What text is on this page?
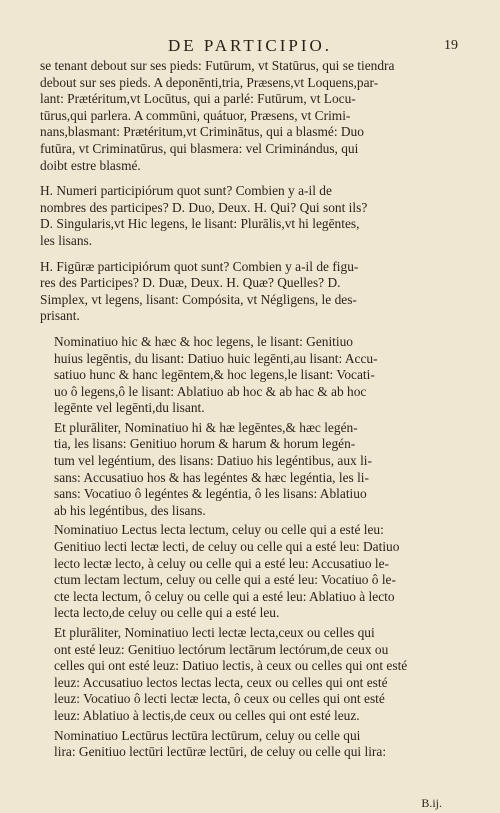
DE PARTICIPIO.	19
se tenant debout sur ses pieds: Futūrum, vt Statūrus, qui se tiendra
debout sur ses pieds. A deponēnti,tria, Præsens,vt Loquens,par-
lant: Prætéritum,vt Locūtus, qui a parlé: Futūrum, vt Locu-
tūrus,qui parlera. A commūni, quátuor, Præsens, vt Crimi-
nans,blasmant: Prætéritum,vt Criminātus, qui a blasmé: Duo
futūra, vt Criminatūrus, qui blasmera: vel Criminándus, qui
doibt estre blasmé.
H. Numeri participiórum quot sunt? Combien y a-il de
nombres des participes? D. Duo, Deux. H. Qui? Qui sont ils?
D. Singularis,vt Hic legens, le lisant: Plurālis,vt hi legēntes,
les lisans.
H. Figūræ participiórum quot sunt? Combien y a-il de figu-
res des Participes? D. Duæ, Deux. H. Quæ? Quelles? D.
Simplex, vt legens, lisant: Compósita, vt Négligens, le des-
prisant.
Nominatiuo hic & hæc & hoc legens, le lisant: Genitiuo
huius legēntis, du lisant: Datiuo huic legēnti,au lisant: Accu-
satiuo hunc & hanc legēntem,& hoc legens,le lisant: Vocati-
uo ô legens,ô le lisant: Ablatiuo ab hoc & ab hac & ab hoc
legēnte vel legēnti,du lisant.
Et plurāliter, Nominatiuo hi & hæ legēntes,& hæc legén-
tia, les lisans: Genitiuo horum & harum & horum legén-
tum vel legéntium, des lisans: Datiuo his legéntibus, aux li-
sans: Accusatiuo hos & has legéntes & hæc legéntia, les li-
sans: Vocatiuo ô legéntes & legéntia, ô les lisans: Ablatiuo
ab his legéntibus, des lisans.
Nominatiuo Lectus lecta lectum, celuy ou celle qui a esté leu:
Genitiuo lecti lectæ lecti, de celuy ou celle qui a esté leu: Datiuo
lecto lectæ lecto, à celuy ou celle qui a esté leu: Accusatiuo le-
ctum lectam lectum, celuy ou celle qui a esté leu: Vocatiuo ô le-
cte lecta lectum, ô celuy ou celle qui a esté leu: Ablatiuo à lecto
lecta lecto,de celuy ou celle qui a esté leu.
Et plurāliter, Nominatiuo lecti lectæ lecta,ceux ou celles qui
ont esté leuz: Genitiuo lectórum lectārum lectórum,de ceux ou
celles qui ont esté leuz: Datiuo lectis, à ceux ou celles qui ont esté
leuz: Accusatiuo lectos lectas lecta, ceux ou celles qui ont esté
leuz: Vocatiuo ô lecti lectæ lecta, ô ceux ou celles qui ont esté
leuz: Ablatiuo à lectis,de ceux ou celles qui ont esté leuz.
Nominatiuo Lectūrus lectūra lectūrum, celuy ou celle qui
lira: Genitiuo lectūri lectūræ lectūri, de celuy ou celle qui lira:
B.ij.
